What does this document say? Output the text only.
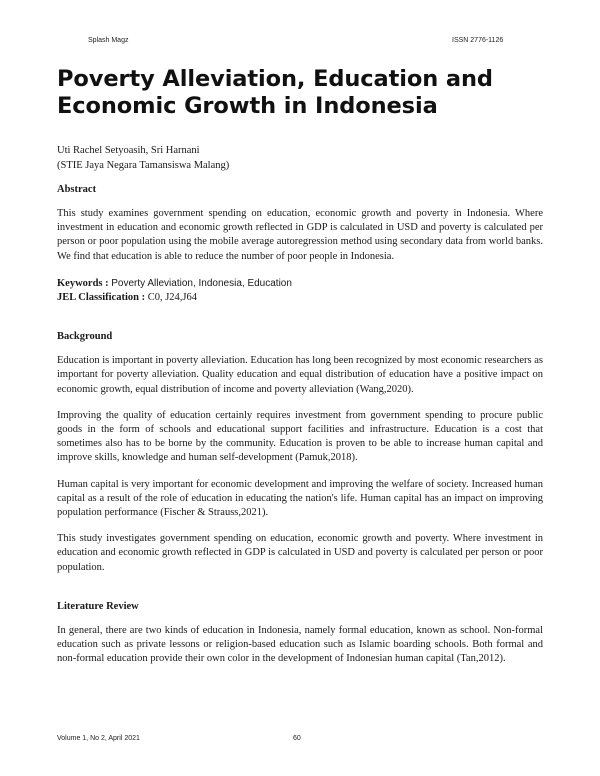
Splash Magz	ISSN 2776-1126
Poverty Alleviation, Education and
Economic Growth in Indonesia
Uti Rachel Setyoasih, Sri Harnani
(STIE Jaya Negara Tamansiswa Malang)
Abstract

This study examines government spending on education, economic growth and poverty in Indonesia. Where investment in education and economic growth reflected in GDP is calculated in USD and poverty is calculated per person or poor population using the mobile average autoregression method using secondary data from world banks. We find that education is able to reduce the number of poor people in Indonesia.

Keywords : Poverty Alleviation, Indonesia, Education
JEL Classification : C0, J24,J64
Background

Education is important in poverty alleviation. Education has long been recognized by most economic researchers as important for poverty alleviation. Quality education and equal distribution of education have a positive impact on economic growth, equal distribution of income and poverty alleviation (Wang,2020).

Improving the quality of education certainly requires investment from government spending to procure public goods in the form of schools and educational support facilities and infrastructure. Education is a cost that sometimes also has to be borne by the community. Education is proven to be able to increase human capital and improve skills, knowledge and human self-development (Pamuk,2018).

Human capital is very important for economic development and improving the welfare of society. Increased human capital as a result of the role of education in educating the nation's life. Human capital has an impact on improving population performance (Fischer & Strauss,2021).

This study investigates government spending on education, economic growth and poverty. Where investment in education and economic growth reflected in GDP is calculated in USD and poverty is calculated per person or poor population.

Literature Review

In general, there are two kinds of education in Indonesia, namely formal education, known as school. Non-formal education such as private lessons or religion-based education such as Islamic boarding schools. Both formal and non-formal education provide their own color in the development of Indonesian human capital (Tan,2012).

Volume 1, No 2, April 2021	60
